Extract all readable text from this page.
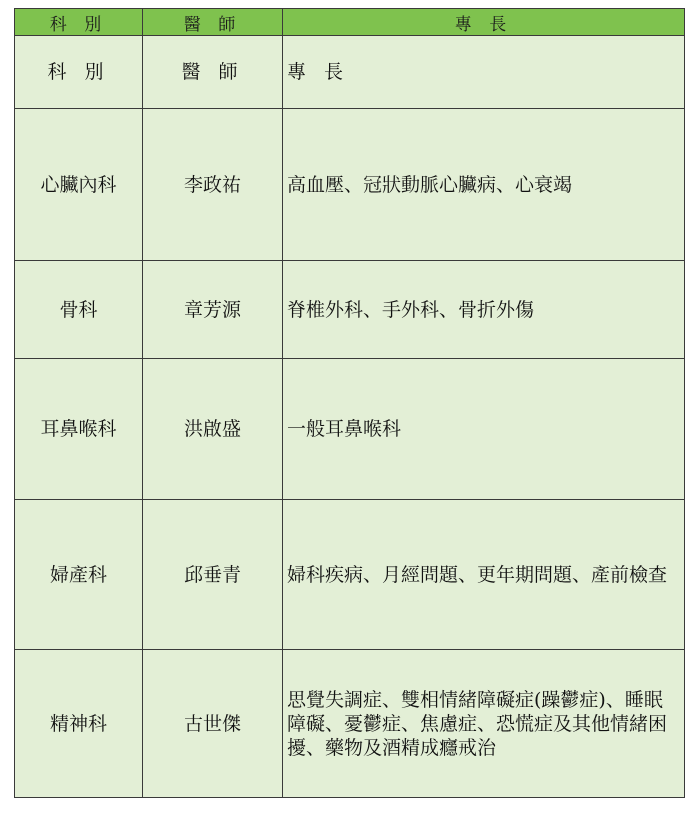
科 別	醫 師	專 長
科 別	醫 師	專 長
心臟內科	李政祐	高血壓、冠狀動脈心臟病、心衰竭
骨科	章芳源	脊椎外科、手外科、骨折外傷
耳鼻喉科	洪啟盛	一般耳鼻喉科
婦產科	邱垂青	婦科疾病、月經問題、更年期問題、產前檢查
精神科	古世傑	思覺失調症、雙相情緒障礙症(躁鬱症)、睡眠障礙、憂鬱症、焦慮症、恐慌症及其他情緒困擾、藥物及酒精成癮戒治
